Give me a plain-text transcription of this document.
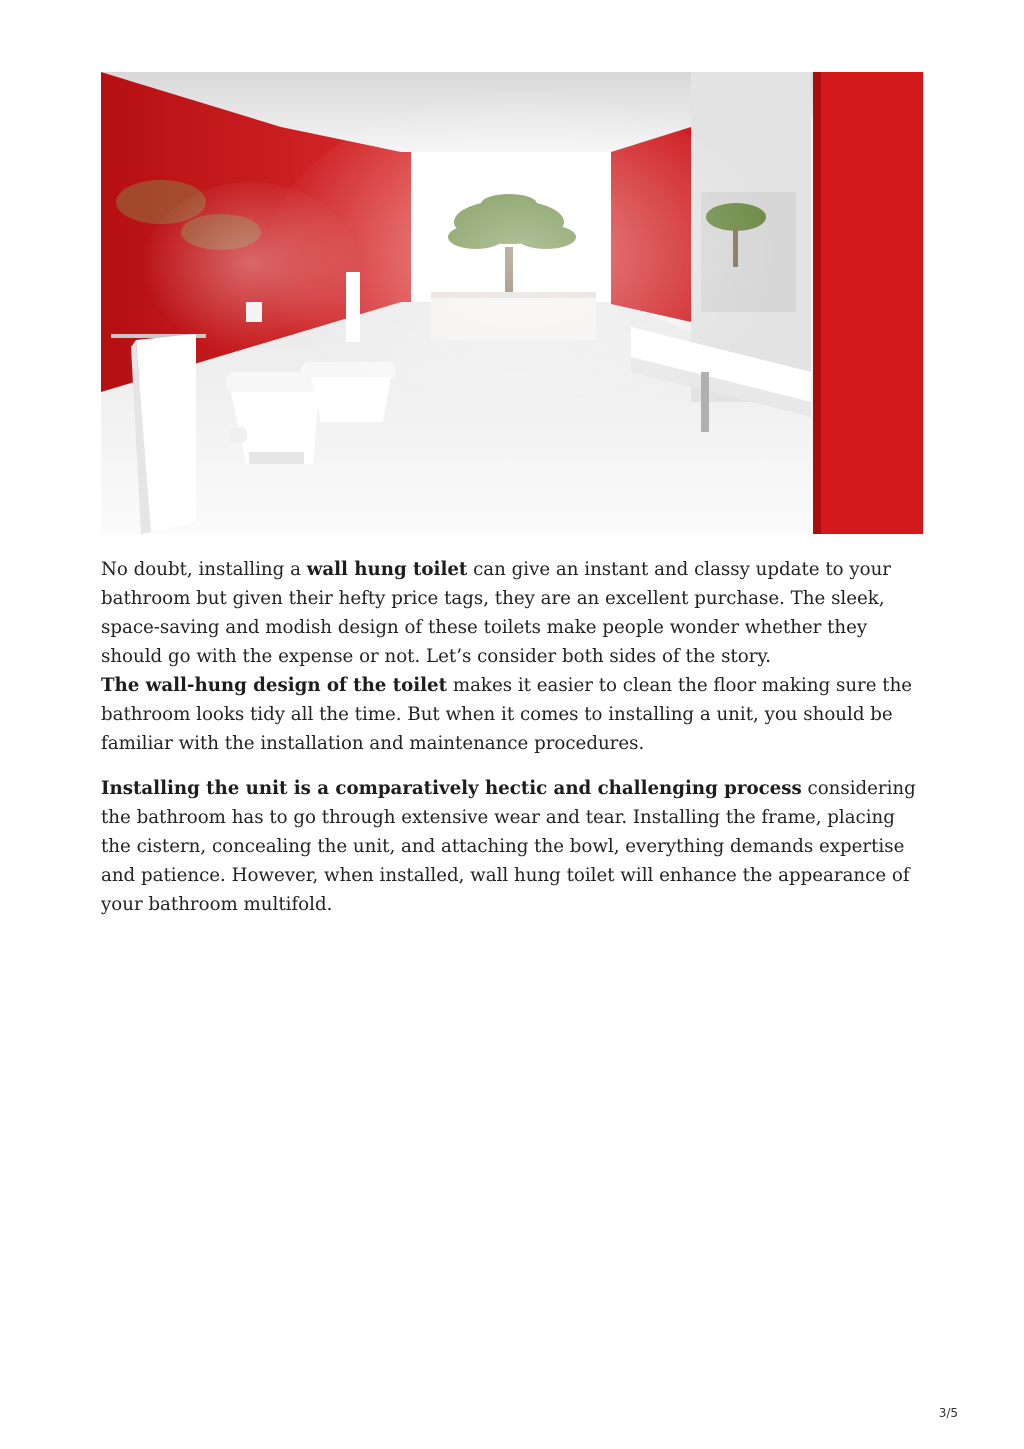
No doubt, installing a wall hung toilet can give an instant and classy update to your bathroom but given their hefty price tags, they are an excellent purchase. The sleek, space-saving and modish design of these toilets make people wonder whether they should go with the expense or not. Let’s consider both sides of the story.

The wall-hung design of the toilet makes it easier to clean the floor making sure the bathroom looks tidy all the time. But when it comes to installing a unit, you should be familiar with the installation and maintenance procedures.

Installing the unit is a comparatively hectic and challenging process considering the bathroom has to go through extensive wear and tear. Installing the frame, placing the cistern, concealing the unit, and attaching the bowl, everything demands expertise and patience. However, when installed, wall hung toilet will enhance the appearance of your bathroom multifold.

3/5
